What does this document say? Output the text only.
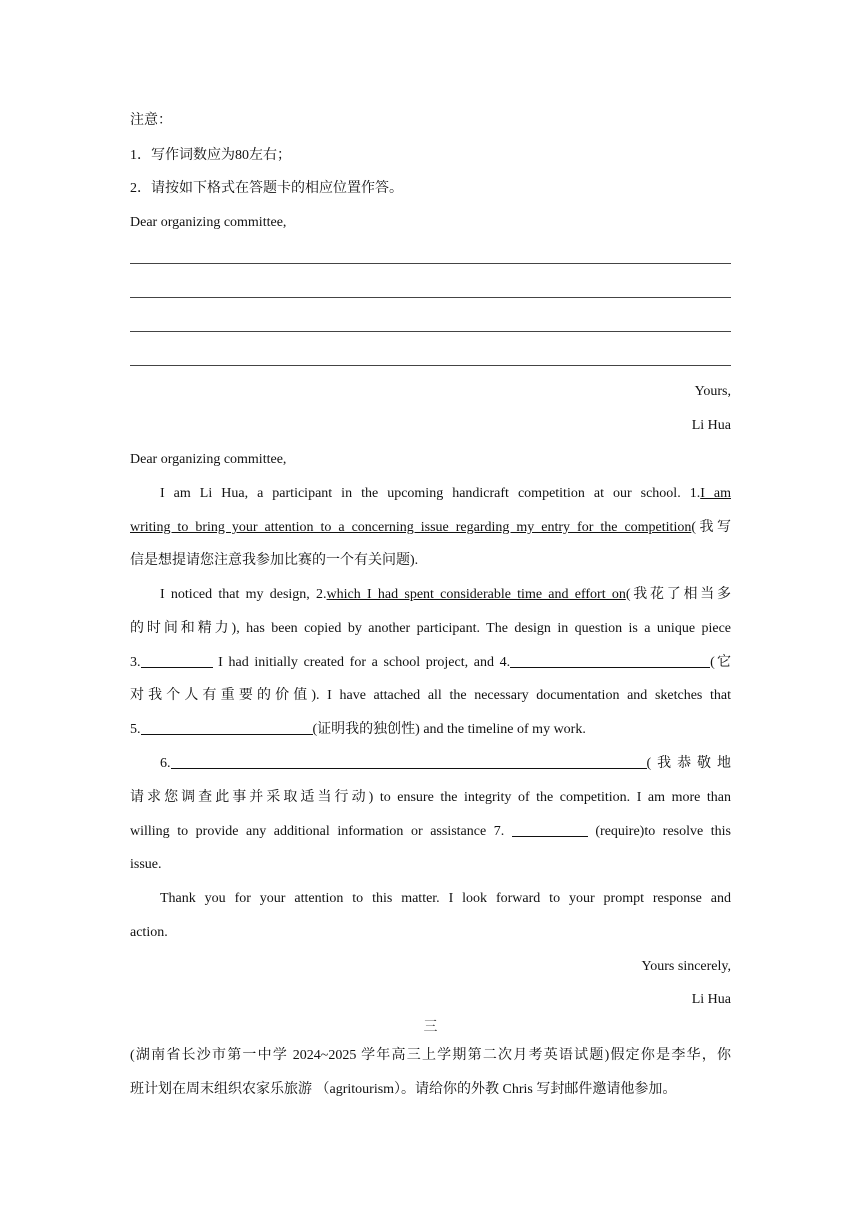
注意：
1．写作词数应为80左右；
2．请按如下格式在答题卡的相应位置作答。
Dear organizing committee,
Yours,
Li Hua
Dear organizing committee,
I am Li Hua, a participant in the upcoming handicraft competition at our school. 1.I am
writing to bring your attention to a concerning issue regarding my entry for the competition(我写
信是想提请您注意我参加比赛的一个有关问题).
I noticed that my design, 2.which I had spent considerable time and effort on(我花了相当多
的时间和精力), has been copied by another participant. The design in question is a unique piece
3.	I had initially created for a school project, and 4.	(它
对我个人有重要的价值). I have attached all the necessary documentation and sketches that
5.	(证明我的独创性) and the timeline of my work.
6.	(我恭敬地
请求您调查此事并采取适当行动) to ensure the integrity of the competition. I am more than
willing to provide any additional information or assistance 7.	(require)to resolve this
issue.
Thank you for your attention to this matter. I look forward to your prompt response and
action.
Yours sincerely,
Li Hua
三
(湖南省长沙市第一中学 2024~2025 学年高三上学期第二次月考英语试题)假定你是李华，你
班计划在周末组织农家乐旅游 （agritourism）。请给你的外教 Chris 写封邮件邀请他参加。
